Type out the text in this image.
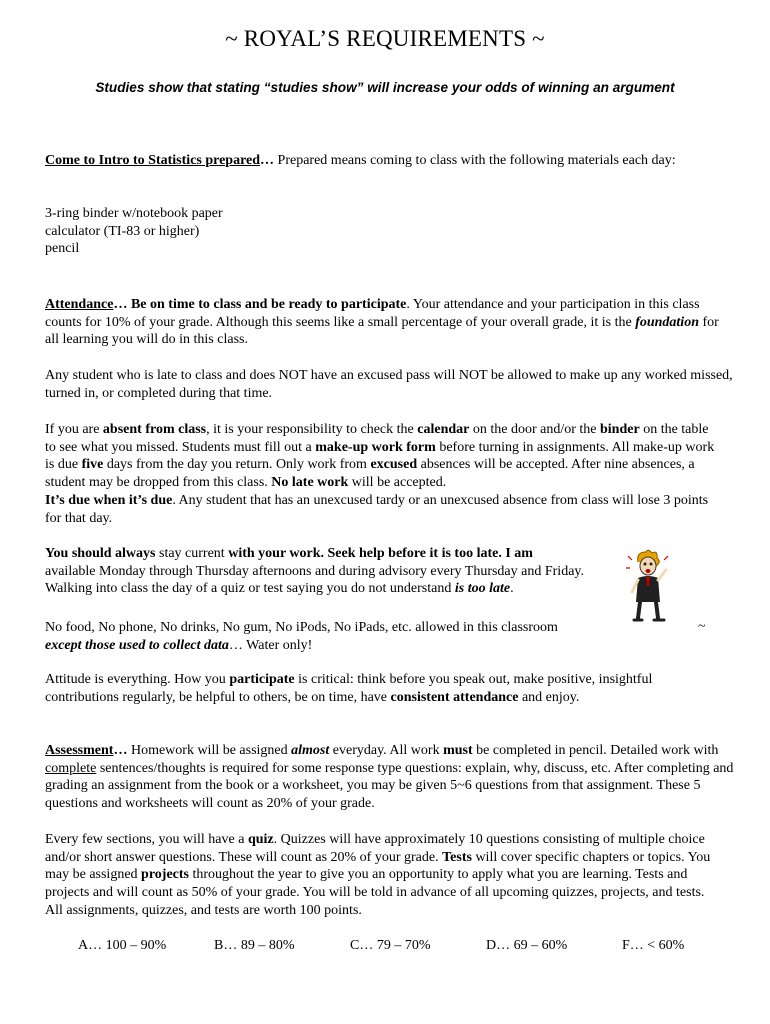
~ ROYAL’S REQUIREMENTS ~
Studies show that stating “studies show” will increase your odds of winning an argument
Come to Intro to Statistics prepared… Prepared means coming to class with the following materials each day:
3-ring binder w/notebook paper
calculator (TI-83 or higher)
pencil
Attendance… Be on time to class and be ready to participate. Your attendance and your participation in this class counts for 10% of your grade. Although this seems like a small percentage of your overall grade, it is the foundation for all learning you will do in this class.
Any student who is late to class and does NOT have an excused pass will NOT be allowed to make up any worked missed, turned in, or completed during that time.
If you are absent from class, it is your responsibility to check the calendar on the door and/or the binder on the table to see what you missed. Students must fill out a make-up work form before turning in assignments. All make-up work is due five days from the day you return. Only work from excused absences will be accepted. After nine absences, a student may be dropped from this class. No late work will be accepted.
It’s due when it’s due. Any student that has an unexcused tardy or an unexcused absence from class will lose 3 points for that day.
You should always stay current with your work. Seek help before it is too late. I am
available Monday through Thursday afternoons and during advisory every Thursday and Friday. Walking into class the day of a quiz or test saying you do not understand is too late.
No food, No phone, No drinks, No gum, No iPods, No iPads, etc. allowed in this classroom
except those used to collect data… Water only!
~
Attitude is everything. How you participate is critical: think before you speak out, make positive, insightful contributions regularly, be helpful to others, be on time, have consistent attendance and enjoy.
Assessment… Homework will be assigned almost everyday. All work must be completed in pencil. Detailed work with complete sentences/thoughts is required for some response type questions: explain, why, discuss, etc. After completing and grading an assignment from the book or a worksheet, you may be given 5~6 questions from that assignment. These 5 questions and worksheets will count as 20% of your grade.
Every few sections, you will have a quiz. Quizzes will have approximately 10 questions consisting of multiple choice and/or short answer questions. These will count as 20% of your grade. Tests will cover specific chapters or topics. You may be assigned projects throughout the year to give you an opportunity to apply what you are learning. Tests and projects and will count as 50% of your grade. You will be told in advance of all upcoming quizzes, projects, and tests. All assignments, quizzes, and tests are worth 100 points.
A… 100 – 90%	B… 89 – 80%	C… 79 – 70%	D… 69 – 60%	F… < 60%
